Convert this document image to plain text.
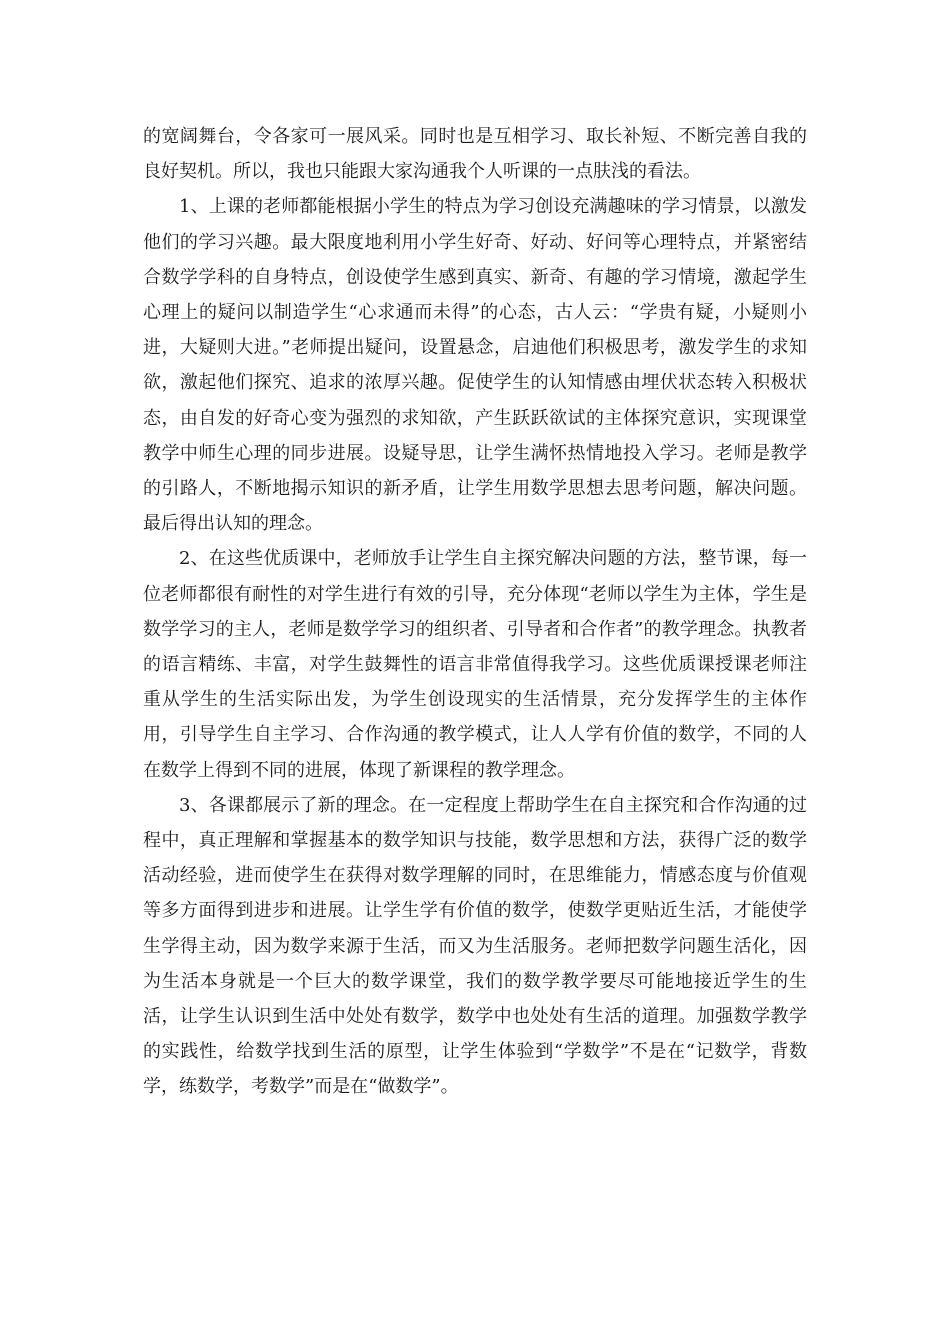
的宽阔舞台，令各家可一展风采。同时也是互相学习、取长补短、不断完善自我的良好契机。所以，我也只能跟大家沟通我个人听课的一点肤浅的看法。

1、上课的老师都能根据小学生的特点为学习创设充满趣味的学习情景，以激发他们的学习兴趣。最大限度地利用小学生好奇、好动、好问等心理特点，并紧密结合数学学科的自身特点，创设使学生感到真实、新奇、有趣的学习情境，激起学生心理上的疑问以制造学生“心求通而未得”的心态，古人云：“学贵有疑，小疑则小进，大疑则大进。”老师提出疑问，设置悬念，启迪他们积极思考，激发学生的求知欲，激起他们探究、追求的浓厚兴趣。促使学生的认知情感由埋伏状态转入积极状态，由自发的好奇心变为强烈的求知欲，产生跃跃欲试的主体探究意识，实现课堂教学中师生心理的同步进展。设疑导思，让学生满怀热情地投入学习。老师是教学的引路人，不断地揭示知识的新矛盾，让学生用数学思想去思考问题，解决问题。最后得出认知的理念。

2、在这些优质课中，老师放手让学生自主探究解决问题的方法，整节课，每一位老师都很有耐性的对学生进行有效的引导，充分体现“老师以学生为主体，学生是数学学习的主人，老师是数学学习的组织者、引导者和合作者”的教学理念。执教者的语言精练、丰富，对学生鼓舞性的语言非常值得我学习。这些优质课授课老师注重从学生的生活实际出发，为学生创设现实的生活情景，充分发挥学生的主体作用，引导学生自主学习、合作沟通的教学模式，让人人学有价值的数学，不同的人在数学上得到不同的进展，体现了新课程的教学理念。

3、各课都展示了新的理念。在一定程度上帮助学生在自主探究和合作沟通的过程中，真正理解和掌握基本的数学知识与技能，数学思想和方法，获得广泛的数学活动经验，进而使学生在获得对数学理解的同时，在思维能力，情感态度与价值观等多方面得到进步和进展。让学生学有价值的数学，使数学更贴近生活，才能使学生学得主动，因为数学来源于生活，而又为生活服务。老师把数学问题生活化，因为生活本身就是一个巨大的数学课堂，我们的数学教学要尽可能地接近学生的生活，让学生认识到生活中处处有数学，数学中也处处有生活的道理。加强数学教学的实践性，给数学找到生活的原型，让学生体验到“学数学”不是在“记数学，背数学，练数学，考数学”而是在“做数学”。
